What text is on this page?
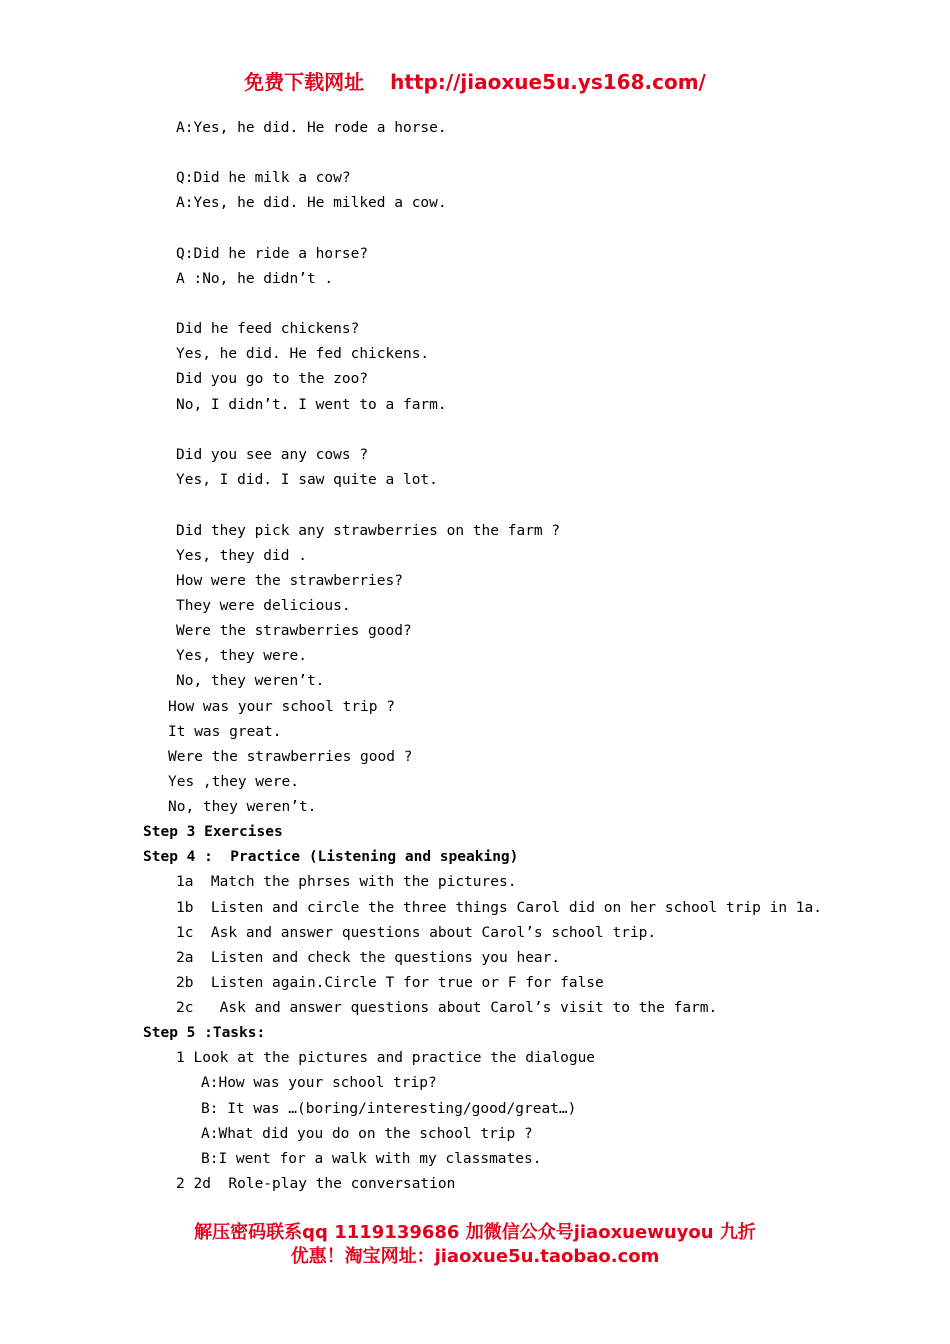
免费下载网址 http://jiaoxue5u.ys168.com/
A:Yes, he did. He rode a horse.
Q:Did he milk a cow?
A:Yes, he did. He milked a cow.
Q:Did he ride a horse?
A :No, he didn’t .
Did he feed chickens?
Yes, he did. He fed chickens.
Did you go to the zoo?
No, I didn’t. I went to a farm.
Did you see any cows ?
Yes, I did. I saw quite a lot.
Did they pick any strawberries on the farm ?
Yes, they did .
How were the strawberries?
They were delicious.
Were the strawberries good?
Yes, they were.
No, they weren’t.
How was your school trip ?
It was great.
Were the strawberries good ?
Yes ,they were.
No, they weren’t.
Step 3 Exercises
Step 4 :  Practice (Listening and speaking)
1a  Match the phrses with the pictures.
1b  Listen and circle the three things Carol did on her school trip in 1a.
1c  Ask and answer questions about Carol’s school trip.
2a  Listen and check the questions you hear.
2b  Listen again.Circle T for true or F for false
2c   Ask and answer questions about Carol’s visit to the farm.
Step 5 :Tasks:
1 Look at the pictures and practice the dialogue
A:How was your school trip?
B: It was …(boring/interesting/good/great…)
A:What did you do on the school trip ?
B:I went for a walk with my classmates.
2 2d  Role-play the conversation
解压密码联系qq 1119139686 加微信公众号jiaoxuewuyou 九折
优惠！淘宝网址：jiaoxue5u.taobao.com
